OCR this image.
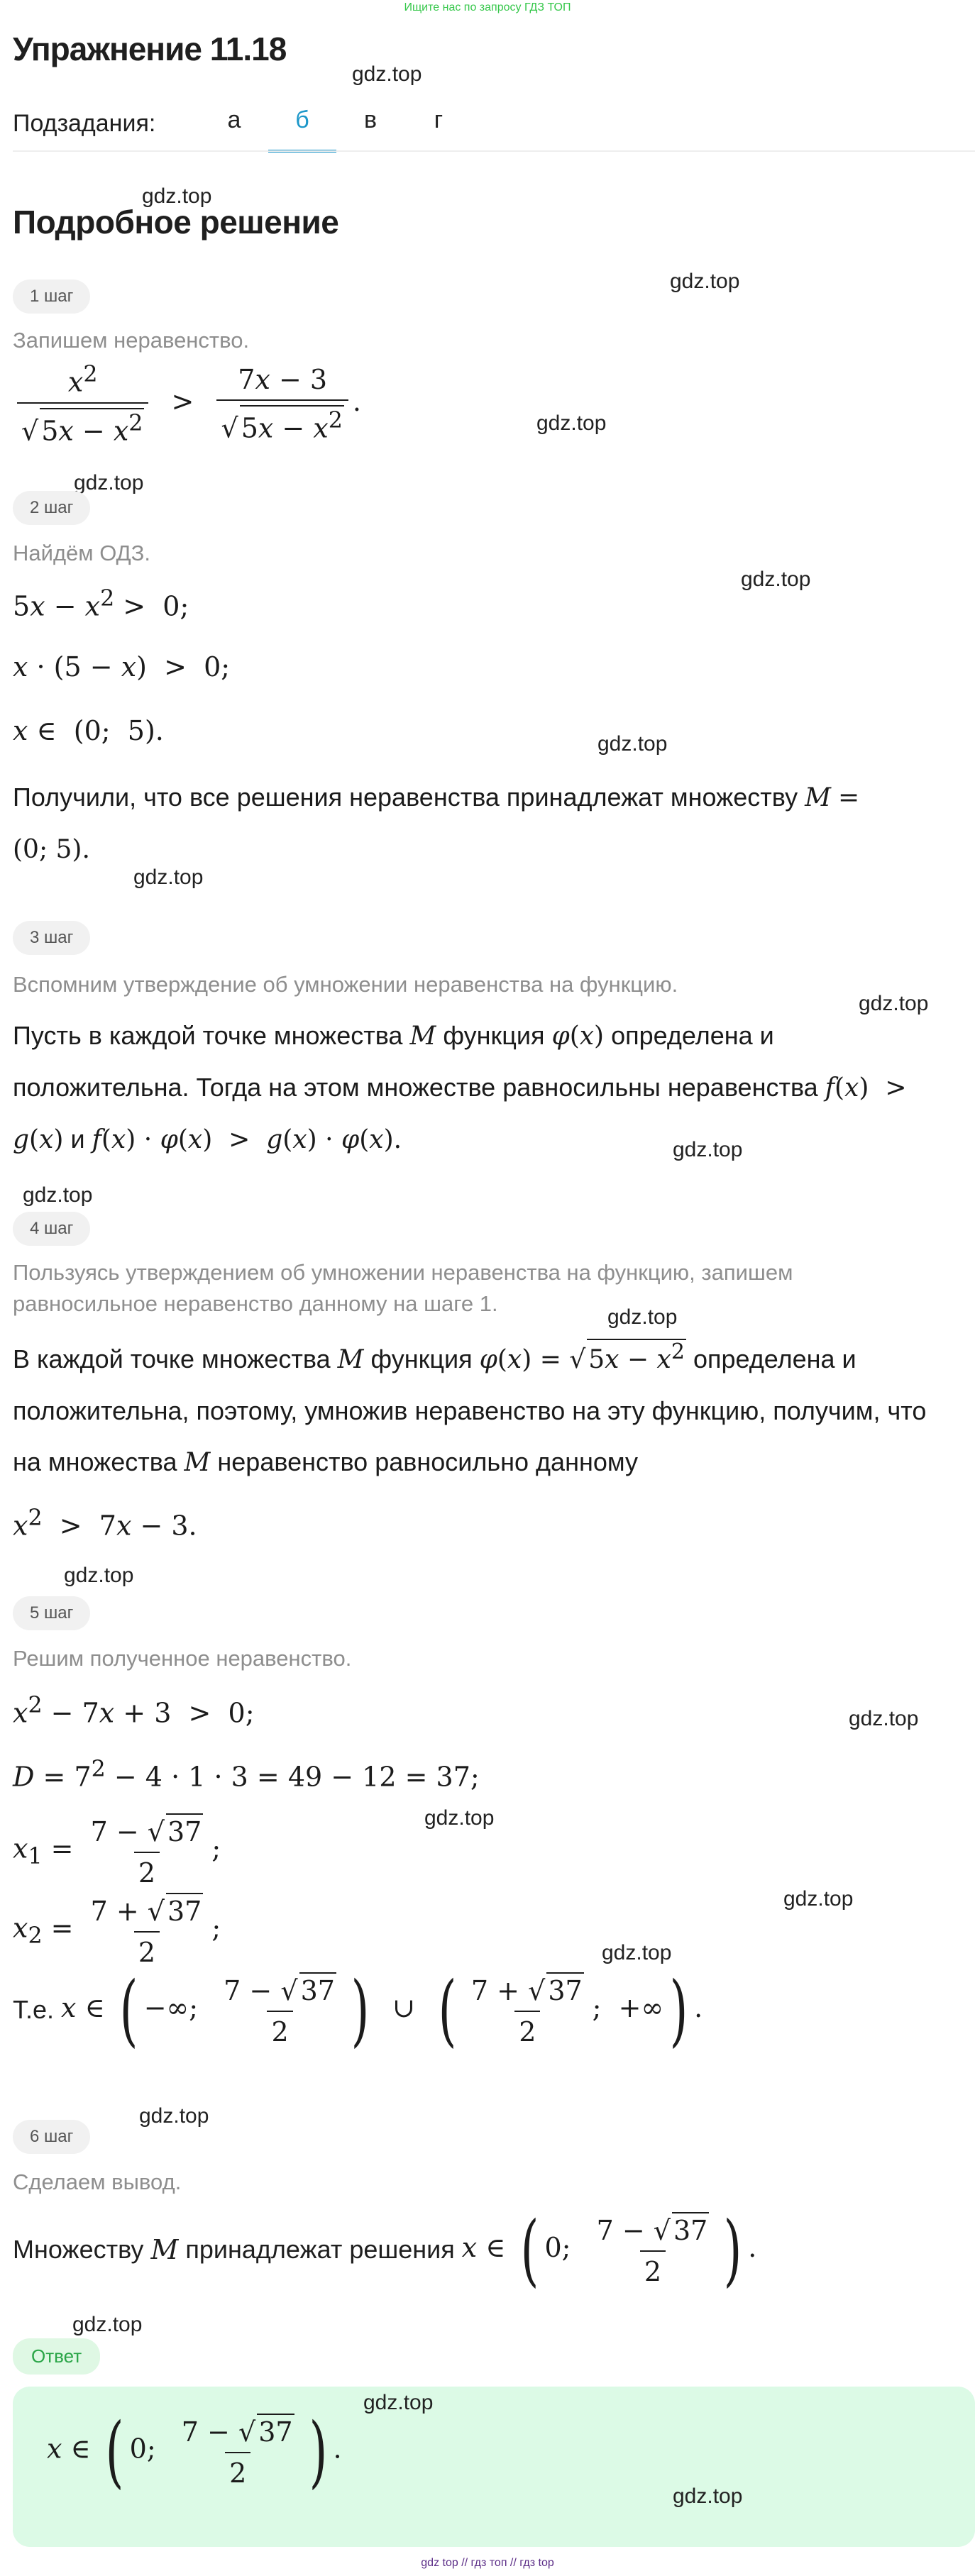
Ищите нас по запросу ГДЗ ТОП
Упражнение 11.18
gdz.top
Подзадания:	а	б	в	г
gdz.top
Подробное решение
gdz.top
1 шаг
Запишем неравенство.
$\frac{x^2}{√ 5x - x^2} > \frac{7x - 3}{√ 5x - x^2}$ .
gdz.top
gdz.top
2 шаг
Найдём ОДЗ.
gdz.top
$5x - x^2 > 0$;
x · (5 − x)  >  0;
x ∈  (0;  5).	gdz.top
Получили, что все решения неравенства принадлежат множеству M =
(0; 5).
gdz.top
3 шаг
Вспомним утверждение об умножении неравенства на функцию.
gdz.top
Пусть в каждой точке множества M функция φ(x) определена и
положительна. Тогда на этом множестве равносильны неравенства f(x)  >
g(x) и f(x) · φ(x)  >  g(x) · φ(x).	gdz.top
gdz.top
4 шаг
Пользуясь утверждением об умножении неравенства на функцию, запишем
равносильное неравенство данному на шаге 1.
gdz.top
В каждой точке множества M функция φ(x) = √ $5x - x^2$ определена и
положительна, поэтому, умножив неравенство на эту функцию, получим, что
на множества M неравенство равносильно данному
$x^2 > 7x - 3$.
gdz.top
5 шаг
Решим полученное неравенство.
$x^2 - 7x + 3 > 0$;	gdz.top
$D = 7^2 - 4 \cdot 1 \cdot 3 = 49 - 12 = 37$;
gdz.top
$x_1 = \frac{7 - √ 37}{2}$ ;
gdz.top
$x_2 = \frac{7 + √ 37}{2}$ ;
gdz.top
Т.е. x ∈ ( −∞; $\frac{7 - √ 37}{2}$ )  ∪  ( $\frac{7 + √ 37}{2}$ ;  +∞) .
gdz.top
6 шаг
Сделаем вывод.
Множеству M принадлежат решения x ∈ ( 0; $\frac{7 - √ 37}{2}$ ) .
gdz.top
Ответ
gdz.top
x ∈ ( 0; $\frac{7 - √ 37}{2}$ ) .
gdz.top
gdz top // гдз топ // гдз top
